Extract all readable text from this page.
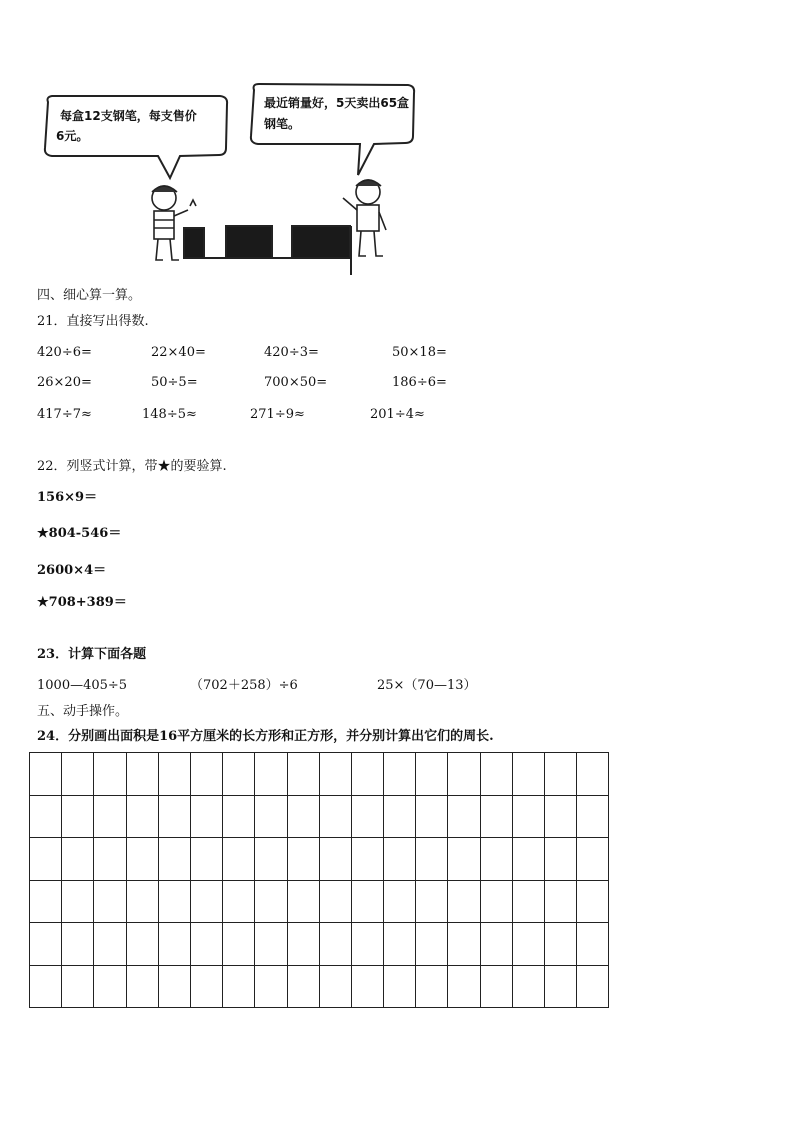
每盒12支钢笔，每支售价
6元。
最近销量好，5天卖出65盒
钢笔。
四、细心算一算。
21．直接写出得数.
420÷6=	22×40=	420÷3=	50×18=
26×20=	50÷5=	700×50=	186÷6=
417÷7≈	148÷5≈	271÷9≈	201÷4≈
22．列竖式计算，带★的要验算.
156×9＝
★804-546＝
2600×4＝
★708+389＝
23．计算下面各题
1000—405÷5	（702＋258）÷6	25×（70—13）
五、动手操作。
24．分别画出面积是16平方厘米的长方形和正方形，并分别计算出它们的周长.
